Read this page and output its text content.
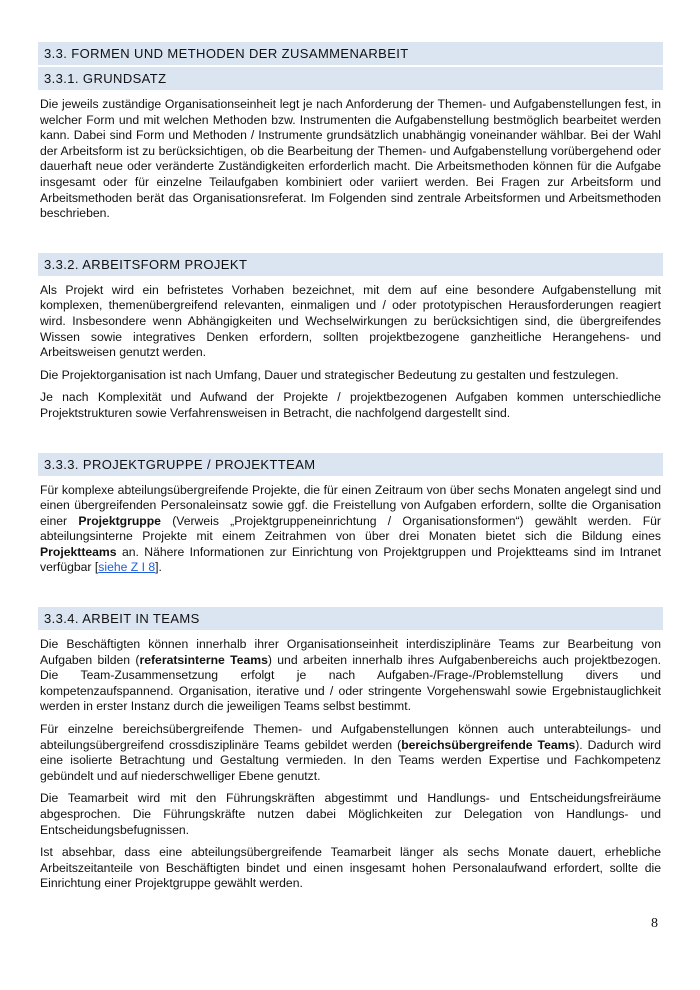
3.3. FORMEN UND METHODEN DER ZUSAMMENARBEIT
3.3.1. GRUNDSATZ

Die jeweils zuständige Organisationseinheit legt je nach Anforderung der Themen- und Aufgabenstellungen fest, in welcher Form und mit welchen Methoden bzw. Instrumenten die Aufgabenstellung bestmöglich bearbeitet werden kann. Dabei sind Form und Methoden / Instrumente grundsätzlich unabhängig voneinander wählbar. Bei der Wahl der Arbeitsform ist zu berücksichtigen, ob die Bearbeitung der Themen- und Aufgabenstellung vorübergehend oder dauerhaft neue oder veränderte Zuständigkeiten erforderlich macht. Die Arbeitsmethoden können für die Aufgabe insgesamt oder für einzelne Teilaufgaben kombiniert oder variiert werden. Bei Fragen zur Arbeitsform und Arbeitsmethoden berät das Organisationsreferat. Im Folgenden sind zentrale Arbeitsformen und Arbeitsmethoden beschrieben.

3.3.2. ARBEITSFORM PROJEKT

Als Projekt wird ein befristetes Vorhaben bezeichnet, mit dem auf eine besondere Aufgabenstellung mit komplexen, themenübergreifend relevanten, einmaligen und / oder prototypischen Herausforderungen reagiert wird. Insbesondere wenn Abhängigkeiten und Wechselwirkungen zu berücksichtigen sind, die übergreifendes Wissen sowie integratives Denken erfordern, sollten projektbezogene ganzheitliche Herangehens- und Arbeitsweisen genutzt werden.

Die Projektorganisation ist nach Umfang, Dauer und strategischer Bedeutung zu gestalten und festzulegen.

Je nach Komplexität und Aufwand der Projekte / projektbezogenen Aufgaben kommen unterschiedliche Projektstrukturen sowie Verfahrensweisen in Betracht, die nachfolgend dargestellt sind.

3.3.3. PROJEKTGRUPPE / PROJEKTTEAM

Für komplexe abteilungsübergreifende Projekte, die für einen Zeitraum von über sechs Monaten angelegt sind und einen übergreifenden Personaleinsatz sowie ggf. die Freistellung von Aufgaben erfordern, sollte die Organisation einer Projektgruppe (Verweis „Projektgruppeneinrichtung / Organisationsformen“) gewählt werden. Für abteilungsinterne Projekte mit einem Zeitrahmen von über drei Monaten bietet sich die Bildung eines Projektteams an. Nähere Informationen zur Einrichtung von Projektgruppen und Projektteams sind im Intranet verfügbar [siehe Z I 8].

3.3.4. ARBEIT IN TEAMS

Die Beschäftigten können innerhalb ihrer Organisationseinheit interdisziplinäre Teams zur Bearbeitung von Aufgaben bilden (referatsinterne Teams) und arbeiten innerhalb ihres Aufgabenbereichs auch projektbezogen. Die Team-Zusammensetzung erfolgt je nach Aufgaben-/Frage-/Problemstellung divers und kompetenzaufspannend. Organisation, iterative und / oder stringente Vorgehenswahl sowie Ergebnistauglichkeit werden in erster Instanz durch die jeweiligen Teams selbst bestimmt.

Für einzelne bereichsübergreifende Themen- und Aufgabenstellungen können auch unterabteilungs- und abteilungsübergreifend crossdisziplinäre Teams gebildet werden (bereichsübergreifende Teams). Dadurch wird eine isolierte Betrachtung und Gestaltung vermieden. In den Teams werden Expertise und Fachkompetenz gebündelt und auf niederschwelliger Ebene genutzt.

Die Teamarbeit wird mit den Führungskräften abgestimmt und Handlungs- und Entscheidungsfreiräume abgesprochen. Die Führungskräfte nutzen dabei Möglichkeiten zur Delegation von Handlungs- und Entscheidungsbefugnissen.

Ist absehbar, dass eine abteilungsübergreifende Teamarbeit länger als sechs Monate dauert, erhebliche Arbeitszeitanteile von Beschäftigten bindet und einen insgesamt hohen Personalaufwand erfordert, sollte die Einrichtung einer Projektgruppe gewählt werden.

8
